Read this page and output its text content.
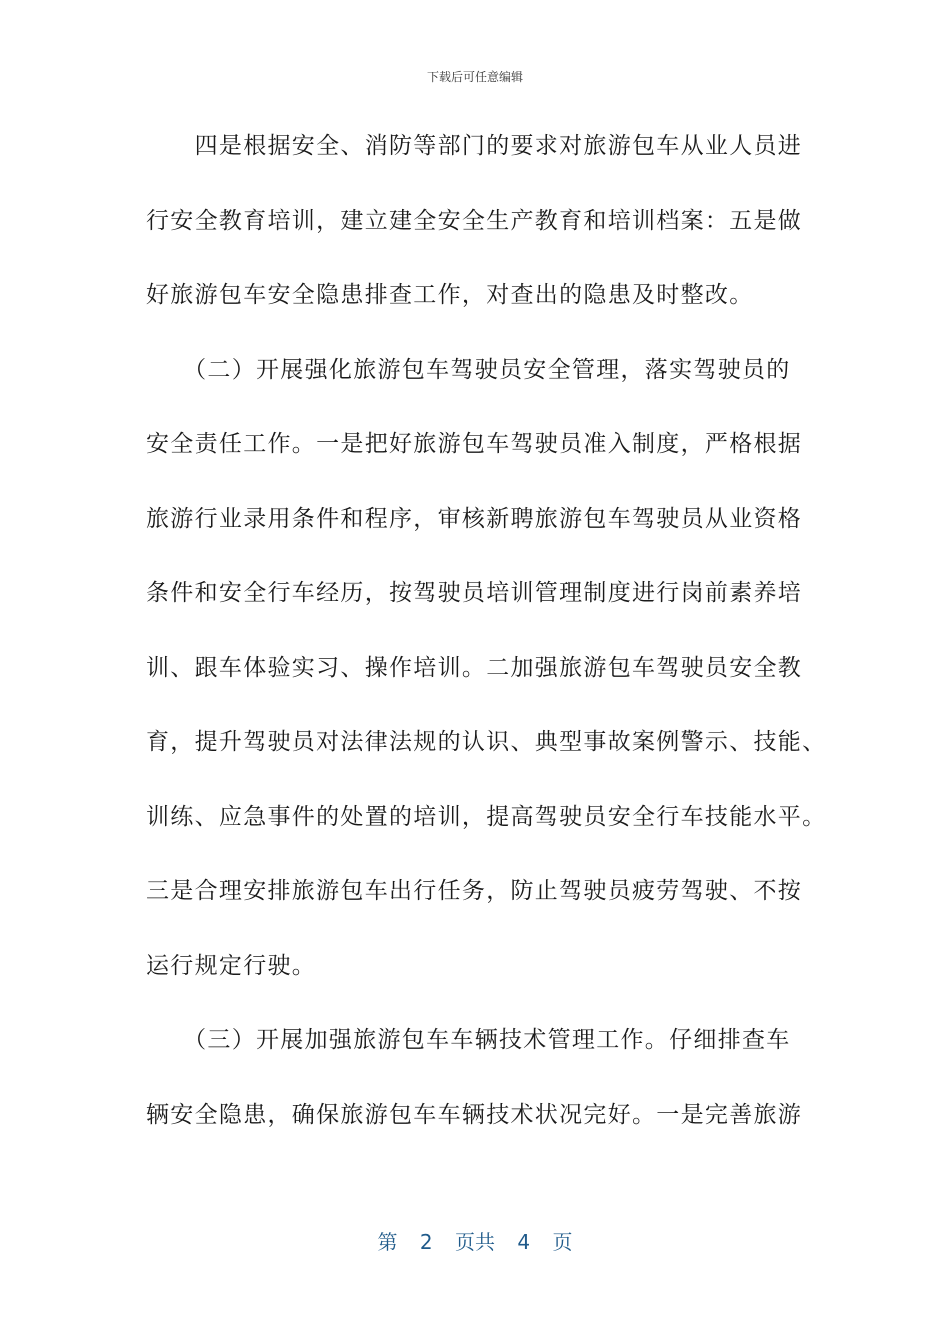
下载后可任意编辑
　　四是根据安全、消防等部门的要求对旅游包车从业人员进
行安全教育培训，建立建全安全生产教育和培训档案：五是做
好旅游包车安全隐患排查工作，对查出的隐患及时整改。
　　（二）开展强化旅游包车驾驶员安全管理，落实驾驶员的
安全责任工作。一是把好旅游包车驾驶员准入制度，严格根据
旅游行业录用条件和程序，审核新聘旅游包车驾驶员从业资格
条件和安全行车经历，按驾驶员培训管理制度进行岗前素养培
训、跟车体验实习、操作培训。二加强旅游包车驾驶员安全教
育，提升驾驶员对法律法规的认识、典型事故案例警示、技能、
训练、应急事件的处置的培训，提高驾驶员安全行车技能水平。
三是合理安排旅游包车出行任务，防止驾驶员疲劳驾驶、不按
运行规定行驶。
　　（三）开展加强旅游包车车辆技术管理工作。仔细排查车
辆安全隐患，确保旅游包车车辆技术状况完好。一是完善旅游
第 2 页共 4 页
